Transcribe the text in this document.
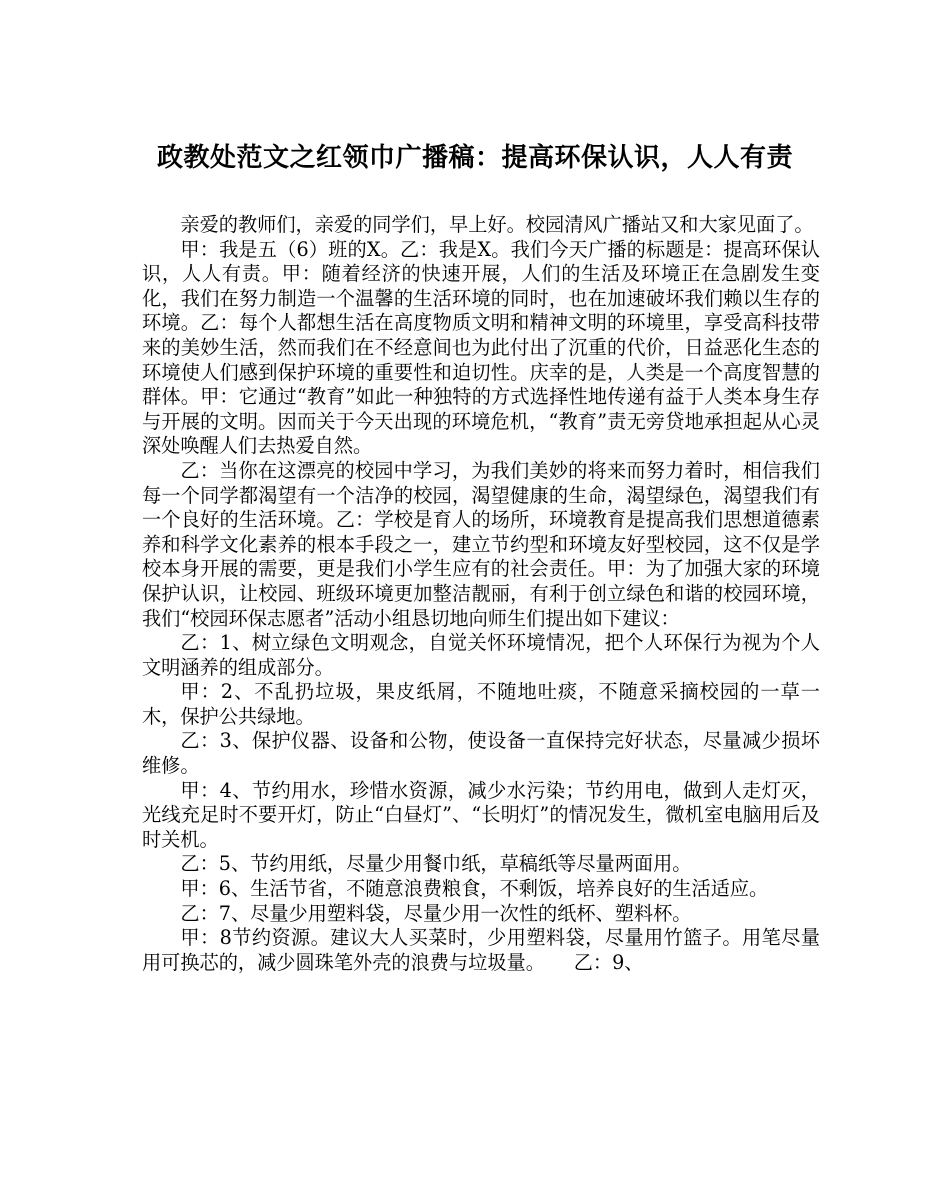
政教处范文之红领巾广播稿：提高环保认识，人人有责

亲爱的教师们，亲爱的同学们，早上好。校园清风广播站又和大家见面了。

甲：我是五（6）班的X。乙：我是X。我们今天广播的标题是：提高环保认识，人人有责。甲：随着经济的快速开展，人们的生活及环境正在急剧发生变化，我们在努力制造一个温馨的生活环境的同时，也在加速破坏我们赖以生存的环境。乙：每个人都想生活在高度物质文明和精神文明的环境里，享受高科技带来的美妙生活，然而我们在不经意间也为此付出了沉重的代价，日益恶化生态的环境使人们感到保护环境的重要性和迫切性。庆幸的是，人类是一个高度智慧的群体。甲：它通过“教育”如此一种独特的方式选择性地传递有益于人类本身生存与开展的文明。因而关于今天出现的环境危机，“教育”责无旁贷地承担起从心灵深处唤醒人们去热爱自然。

乙：当你在这漂亮的校园中学习，为我们美妙的将来而努力着时，相信我们每一个同学都渴望有一个洁净的校园，渴望健康的生命，渴望绿色，渴望我们有一个良好的生活环境。乙：学校是育人的场所，环境教育是提高我们思想道德素养和科学文化素养的根本手段之一，建立节约型和环境友好型校园，这不仅是学校本身开展的需要，更是我们小学生应有的社会责任。甲：为了加强大家的环境保护认识，让校园、班级环境更加整洁靓丽，有利于创立绿色和谐的校园环境，我们“校园环保志愿者”活动小组恳切地向师生们提出如下建议：

乙：1、树立绿色文明观念，自觉关怀环境情况，把个人环保行为视为个人文明涵养的组成部分。

甲：2、不乱扔垃圾，果皮纸屑，不随地吐痰，不随意采摘校园的一草一木，保护公共绿地。

乙：3、保护仪器、设备和公物，使设备一直保持完好状态，尽量减少损坏维修。

甲：4、节约用水，珍惜水资源，减少水污染；节约用电，做到人走灯灭，光线充足时不要开灯，防止“白昼灯”、“长明灯”的情况发生，微机室电脑用后及时关机。

乙：5、节约用纸，尽量少用餐巾纸，草稿纸等尽量两面用。

甲：6、生活节省，不随意浪费粮食，不剩饭，培养良好的生活适应。

乙：7、尽量少用塑料袋，尽量少用一次性的纸杯、塑料杯。

甲：8节约资源。建议大人买菜时，少用塑料袋，尽量用竹篮子。用笔尽量用可换芯的，减少圆珠笔外壳的浪费与垃圾量。　　乙：9、
